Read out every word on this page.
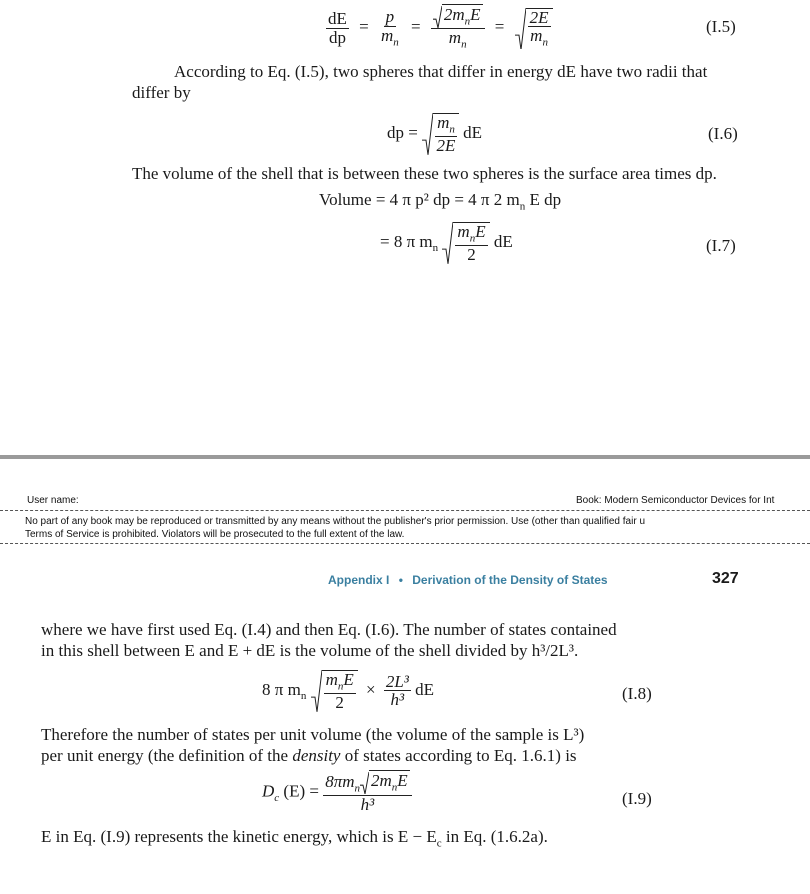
$\frac{dE}{dp} = \frac{p}{m_n} = \frac{2m_nE}{m_n} = \frac{2E}{m_n}$	(I.5)
According to Eq. (I.5), two spheres that differ in energy dE have two radii that
differ by
dp = $\frac{m_n}{2E}$ dE	(I.6)
The volume of the shell that is between these two spheres is the surface area times dp.
Volume = 4 π p² dp = 4 π 2 $m_n$ E dp
= 8 π $m_n$
$m_nE$
2
dE	(I.7)
User name:	Book: Modern Semiconductor Devices for Int
No part of any book may be reproduced or transmitted by any means without the publisher's prior permission. Use (other than qualified fair u
Terms of Service is prohibited. Violators will be prosecuted to the full extent of the law.
Appendix I • Derivation of the Density of States	327
where we have first used Eq. (I.4) and then Eq. (I.6). The number of states contained
in this shell between E and E + dE is the volume of the shell divided by h³/2L³.
8 π $m_n$
$m_nE$
2
× $\frac{\text{2L³}}{\text{h³}}$ dE	(I.8)
Therefore the number of states per unit volume (the volume of the sample is L³)
per unit energy (the definition of the density of states according to Eq. 1.6.1) is
$D_c$ $(E) = \frac{8\pi m_n 2m_nE}{\text{h³}}$	(I.9)
E in Eq. (I.9) represents the kinetic energy, which is $E - E_c$ in Eq. (1.6.2a).
